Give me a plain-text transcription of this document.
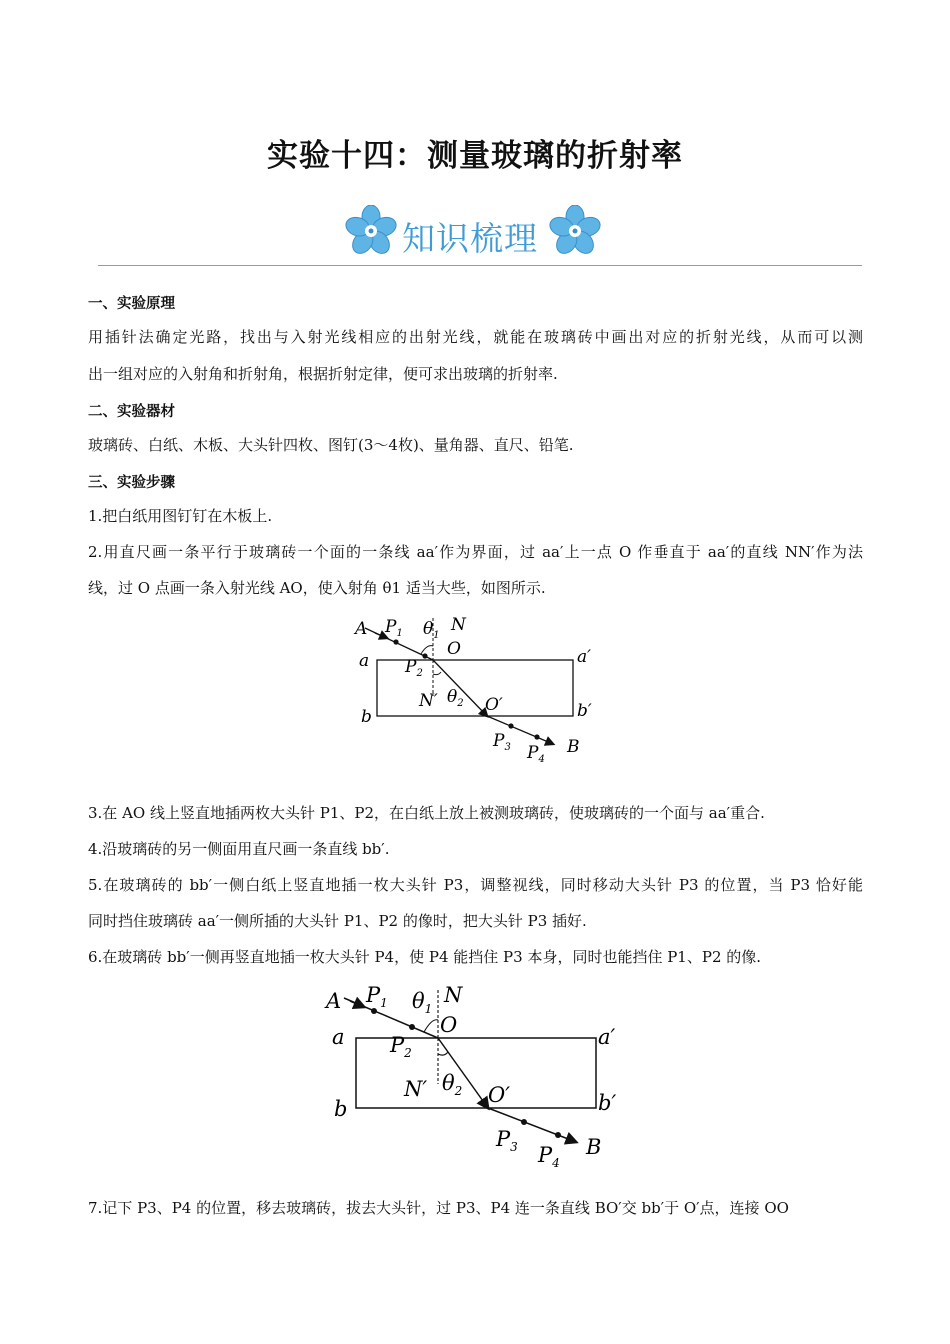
实验十四：测量玻璃的折射率
知识梳理
一、实验原理
用插针法确定光路，找出与入射光线相应的出射光线，就能在玻璃砖中画出对应的折射光线，从而可以测
出一组对应的入射角和折射角，根据折射定律，便可求出玻璃的折射率.
二、实验器材
玻璃砖、白纸、木板、大头针四枚、图钉(3～4枚)、量角器、直尺、铅笔.
三、实验步骤
1.把白纸用图钉钉在木板上.
2.用直尺画一条平行于玻璃砖一个面的一条线 aa′作为界面，过 aa′上一点 O 作垂直于 aa′的直线 NN′作为法
线，过 O 点画一条入射光线 AO，使入射角 θ1 适当大些，如图所示.
A $P_1$ $\theta_1$
N
O
a	a′
$P_2$
N′ $\theta_2$ O′
b	b′
$P_3$ $P_4$
B
3.在 AO 线上竖直地插两枚大头针 P1、P2，在白纸上放上被测玻璃砖，使玻璃砖的一个面与 aa′重合.
4.沿玻璃砖的另一侧面用直尺画一条直线 bb′.
5.在玻璃砖的 bb′一侧白纸上竖直地插一枚大头针 P3，调整视线，同时移动大头针 P3 的位置，当 P3 恰好能
同时挡住玻璃砖 aa′一侧所插的大头针 P1、P2 的像时，把大头针 P3 插好.
6.在玻璃砖 bb′一侧再竖直地插一枚大头针 P4，使 P4 能挡住 P3 本身，同时也能挡住 P1、P2 的像.
A $P_1$ $\theta_1$
N
O
a	a′
$P_2$
N′ $\theta_2$ O′
b	b′
$P_3$ $P_4$
B
7.记下 P3、P4 的位置，移去玻璃砖，拔去大头针，过 P3、P4 连一条直线 BO′交 bb′于 O′点，连接 OO
